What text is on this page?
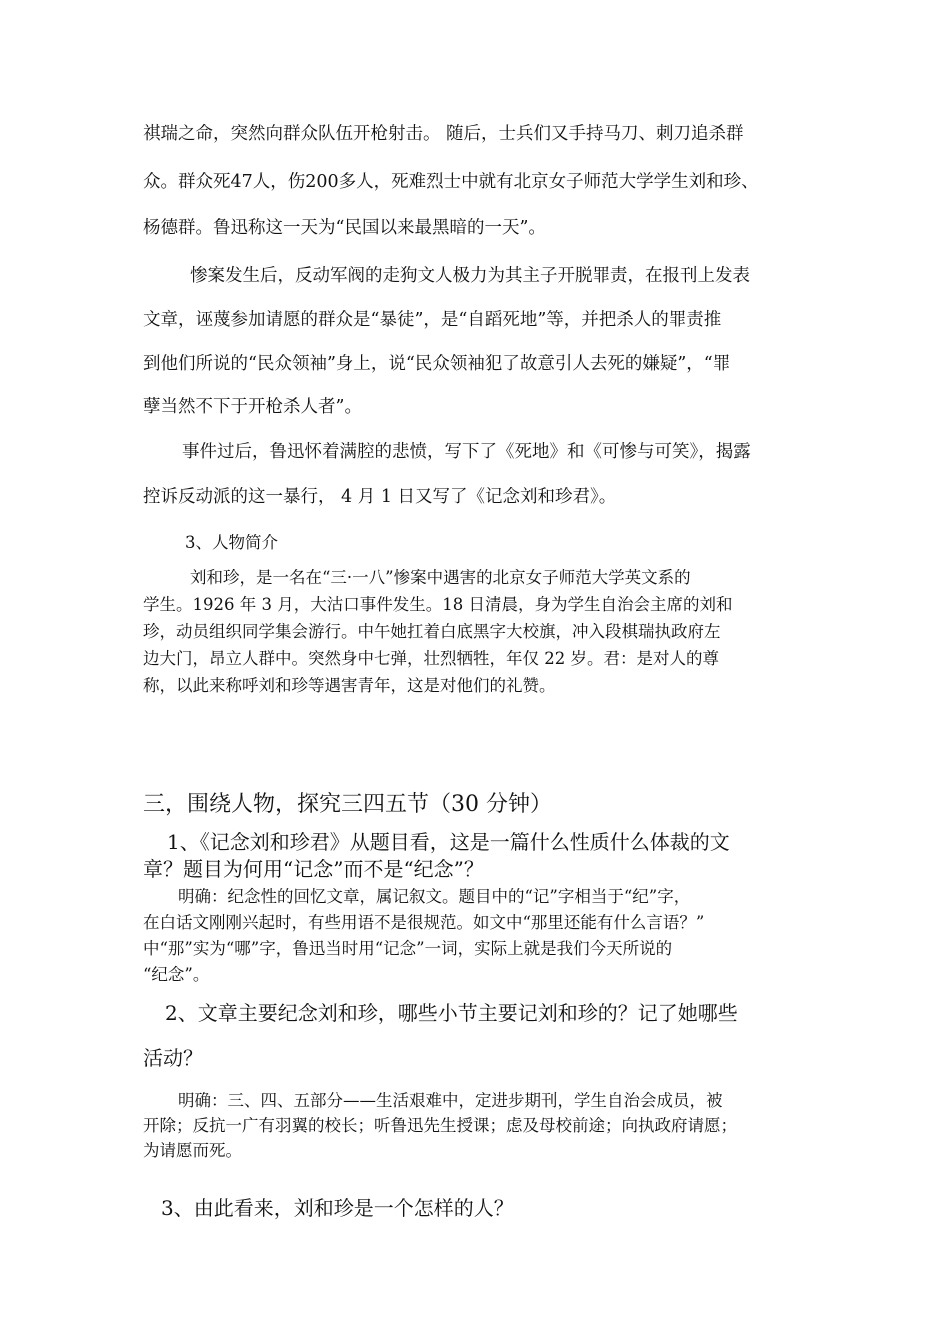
祺瑞之命，突然向群众队伍开枪射击。 随后，士兵们又手持马刀、刺刀追杀群
众。群众死47人，伤200多人，死难烈士中就有北京女子师范大学学生刘和珍、
杨德群。鲁迅称这一天为“民国以来最黑暗的一天”。
惨案发生后，反动军阀的走狗文人极力为其主子开脱罪责，在报刊上发表
文章，诬蔑参加请愿的群众是“暴徒”，是“自蹈死地”等，并把杀人的罪责推
到他们所说的“民众领袖”身上，说“民众领袖犯了故意引人去死的嫌疑”，“罪
孽当然不下于开枪杀人者”。
事件过后，鲁迅怀着满腔的悲愤，写下了《死地》和《可惨与可笑》，揭露
控诉反动派的这一暴行， 4 月 1 日又写了《记念刘和珍君》。
3、人物简介
刘和珍，是一名在“三·一八”惨案中遇害的北京女子师范大学英文系的
学生。1926 年 3 月，大沽口事件发生。18 日清晨，身为学生自治会主席的刘和
珍，动员组织同学集会游行。中午她扛着白底黑字大校旗，冲入段棋瑞执政府左
边大门，昂立人群中。突然身中七弹，壮烈牺牲，年仅 22 岁。君：是对人的尊
称，以此来称呼刘和珍等遇害青年，这是对他们的礼赞。
三，围绕人物，探究三四五节（30 分钟）
1、《记念刘和珍君》从题目看，这是一篇什么性质什么体裁的文
章？题目为何用“记念”而不是“纪念”？
明确：纪念性的回忆文章，属记叙文。题目中的“记”字相当于“纪”字，
在白话文刚刚兴起时，有些用语不是很规范。如文中“那里还能有什么言语？”
中“那”实为“哪”字，鲁迅当时用“记念”一词，实际上就是我们今天所说的
“纪念”。
2、文章主要纪念刘和珍，哪些小节主要记刘和珍的？记了她哪些
活动？
明确：三、四、五部分——生活艰难中，定进步期刊，学生自治会成员，被
开除；反抗一广有羽翼的校长；听鲁迅先生授课；虑及母校前途；向执政府请愿；
为请愿而死。
3、由此看来，刘和珍是一个怎样的人？
